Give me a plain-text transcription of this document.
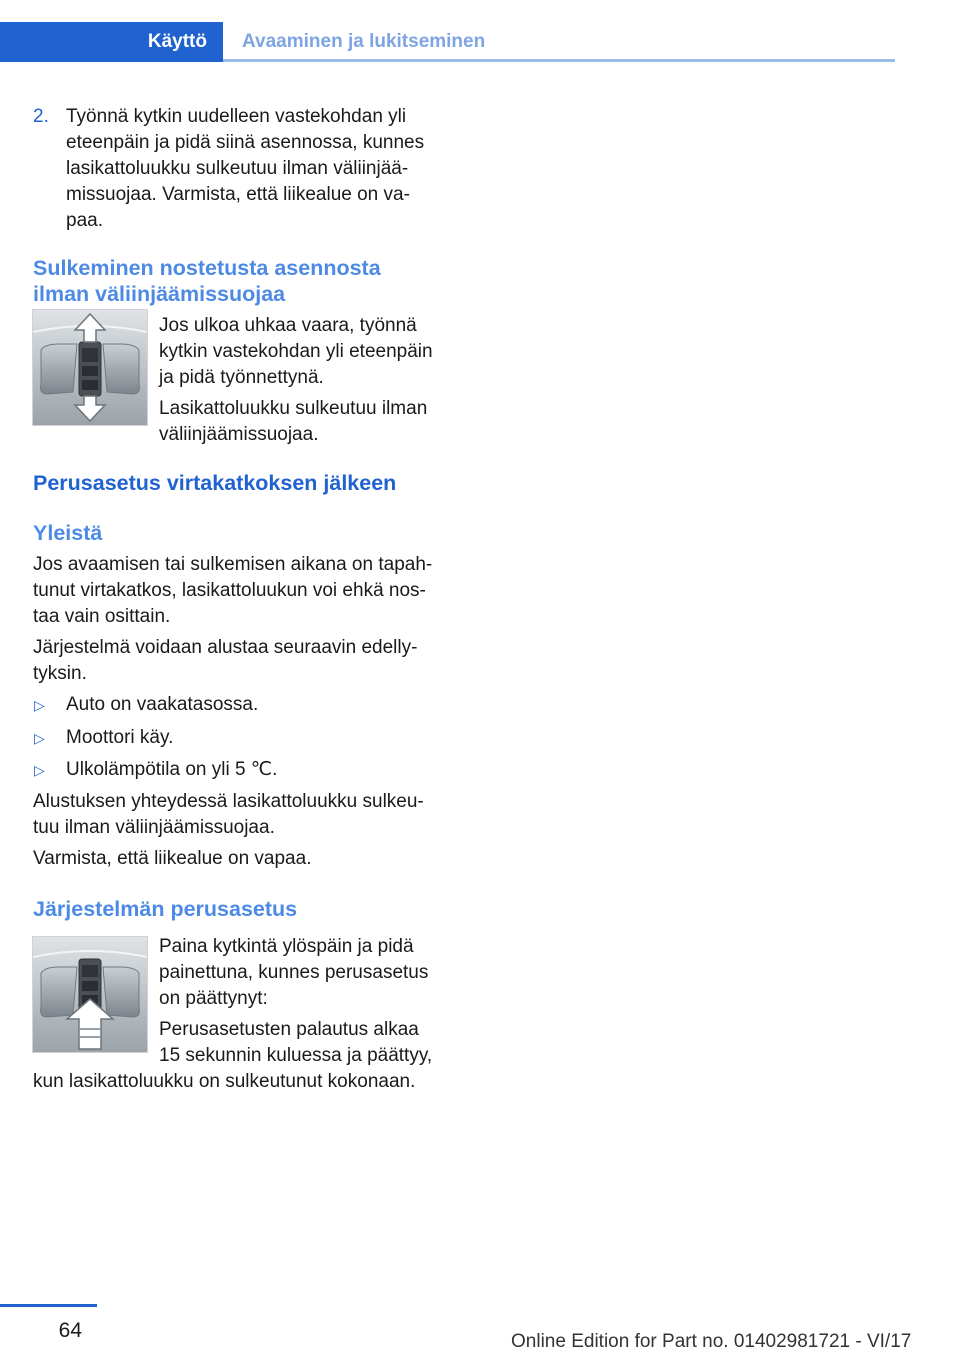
Käyttö	Avaaminen ja lukitseminen
2. Työnnä kytkin uudelleen vastekohdan yli
eteenpäin ja pidä siinä asennossa, kunnes
lasikattoluukku sulkeutuu ilman väliinjää-
missuojaa. Varmista, että liikealue on va-
paa.
Sulkeminen nostetusta asennosta
ilman väliinjäämissuojaa
Jos ulkoa uhkaa vaara, työnnä
kytkin vastekohdan yli eteenpäin
ja pidä työnnettynä.
Lasikattoluukku sulkeutuu ilman
väliinjäämissuojaa.
Perusasetus virtakatkoksen jälkeen
Yleistä
Jos avaamisen tai sulkemisen aikana on tapah-
tunut virtakatkos, lasikattoluukun voi ehkä nos-
taa vain osittain.
Järjestelmä voidaan alustaa seuraavin edelly-
tyksin.
▷ Auto on vaakatasossa.
▷ Moottori käy.
▷ Ulkolämpötila on yli 5 ℃.
Alustuksen yhteydessä lasikattoluukku sulkeu-
tuu ilman väliinjäämissuojaa.
Varmista, että liikealue on vapaa.
Järjestelmän perusasetus
Paina kytkintä ylöspäin ja pidä
painettuna, kunnes perusasetus
on päättynyt:
Perusasetusten palautus alkaa
15 sekunnin kuluessa ja päättyy,
kun lasikattoluukku on sulkeutunut kokonaan.
64	Online Edition for Part no. 01402981721 - VI/17
